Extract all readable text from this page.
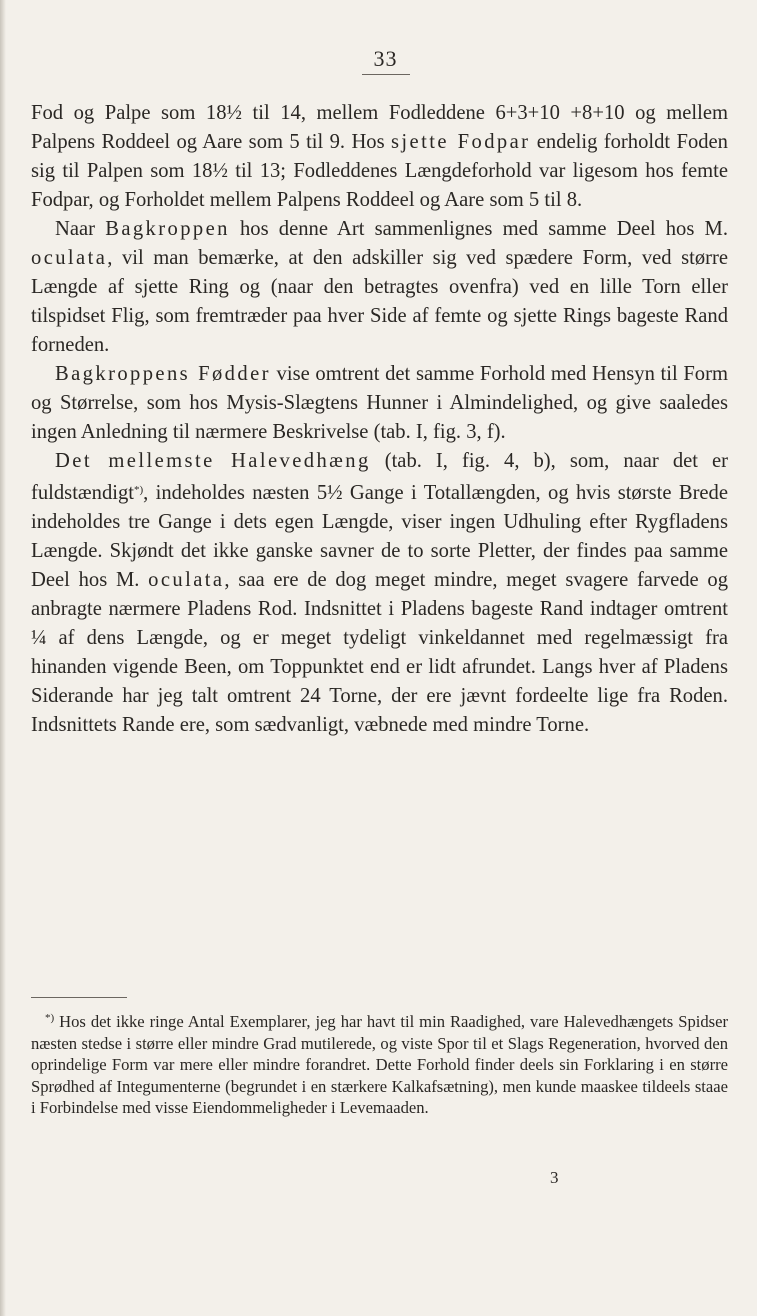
33

Fod og Palpe som 18½ til 14, mellem Fodleddene 6+3+10 +8+10 og mellem Palpens Roddeel og Aare som 5 til 9. Hos sjette Fodpar endelig forholdt Foden sig til Palpen som 18½ til 13; Fodleddenes Længdeforhold var ligesom hos femte Fodpar, og Forholdet mellem Palpens Roddeel og Aare som 5 til 8.

Naar Bagkroppen hos denne Art sammenlignes med samme Deel hos M. oculata, vil man bemærke, at den adskiller sig ved spædere Form, ved større Længde af sjette Ring og (naar den betragtes ovenfra) ved en lille Torn eller tilspidset Flig, som fremtræder paa hver Side af femte og sjette Rings bageste Rand forneden.

Bagkroppens Fødder vise omtrent det samme Forhold med Hensyn til Form og Størrelse, som hos Mysis-Slægtens Hunner i Almindelighed, og give saaledes ingen Anledning til nærmere Beskrivelse (tab. I, fig. 3, f).

Det mellemste Halevedhæng (tab. I, fig. 4, b), som, naar det er fuldstændigt*), indeholdes næsten 5½ Gange i Totallængden, og hvis største Brede indeholdes tre Gange i dets egen Længde, viser ingen Udhuling efter Rygfladens Længde. Skjøndt det ikke ganske savner de to sorte Pletter, der findes paa samme Deel hos M. oculata, saa ere de dog meget mindre, meget svagere farvede og anbragte nærmere Pladens Rod. Indsnittet i Pladens bageste Rand indtager omtrent ¼ af dens Længde, og er meget tydeligt vinkeldannet med regelmæssigt fra hinanden vigende Been, om Toppunktet end er lidt afrundet. Langs hver af Pladens Siderande har jeg talt omtrent 24 Torne, der ere jævnt fordeelte lige fra Roden. Indsnittets Rande ere, som sædvanligt, væbnede med mindre Torne.

*) Hos det ikke ringe Antal Exemplarer, jeg har havt til min Raadighed, vare Halevedhængets Spidser næsten stedse i større eller mindre Grad mutilerede, og viste Spor til et Slags Regeneration, hvorved den oprindelige Form var mere eller mindre forandret. Dette Forhold finder deels sin Forklaring i en større Sprødhed af Integumenterne (begrundet i en stærkere Kalkafsætning), men kunde maaskee tildeels staae i Forbindelse med visse Eiendommeligheder i Levemaaden.

3
